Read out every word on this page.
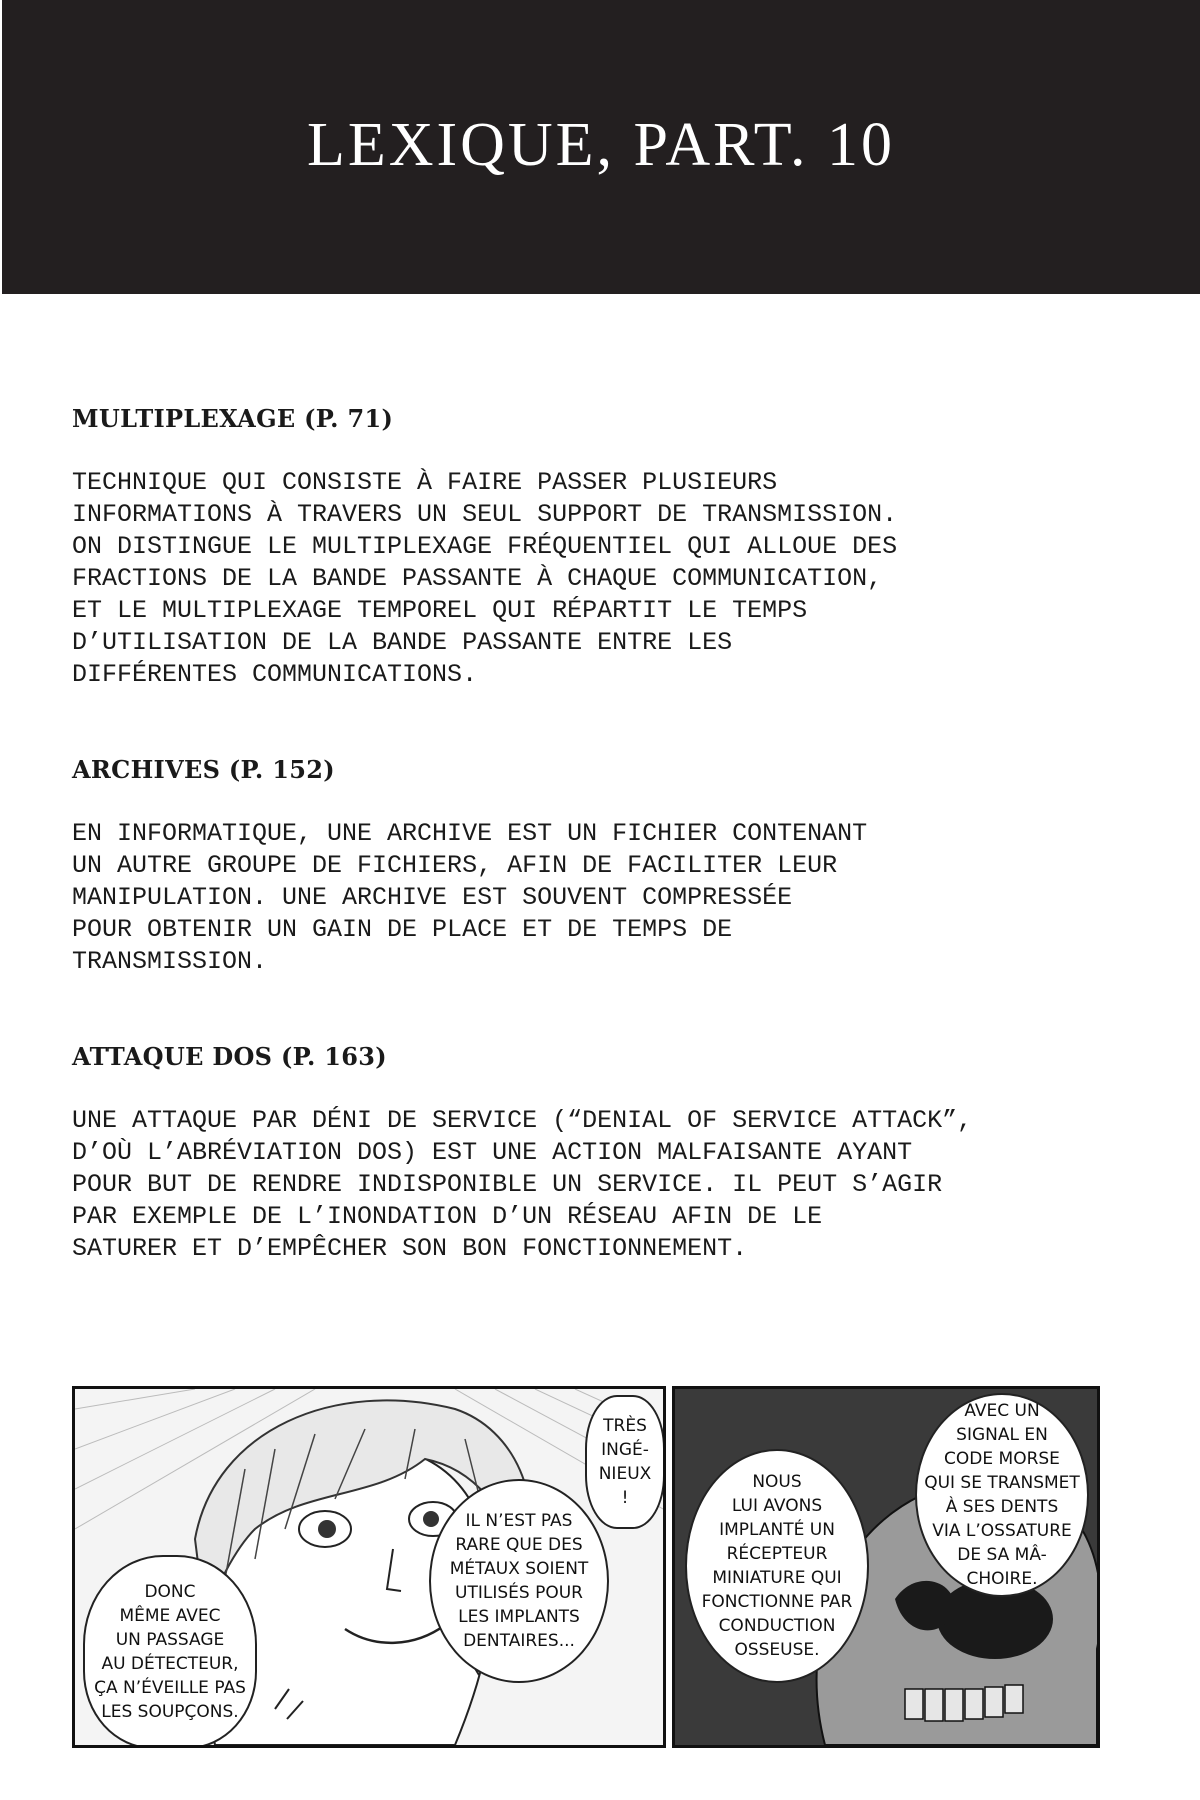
LEXIQUE, PART. 10
MULTIPLEXAGE (P. 71)

TECHNIQUE QUI CONSISTE À FAIRE PASSER PLUSIEURS
INFORMATIONS À TRAVERS UN SEUL SUPPORT DE TRANSMISSION.
ON DISTINGUE LE MULTIPLEXAGE FRÉQUENTIEL QUI ALLOUE DES
FRACTIONS DE LA BANDE PASSANTE À CHAQUE COMMUNICATION,
ET LE MULTIPLEXAGE TEMPOREL QUI RÉPARTIT LE TEMPS
D’UTILISATION DE LA BANDE PASSANTE ENTRE LES
DIFFÉRENTES COMMUNICATIONS.

ARCHIVES (P. 152)

EN INFORMATIQUE, UNE ARCHIVE EST UN FICHIER CONTENANT
UN AUTRE GROUPE DE FICHIERS, AFIN DE FACILITER LEUR
MANIPULATION. UNE ARCHIVE EST SOUVENT COMPRESSÉE
POUR OBTENIR UN GAIN DE PLACE ET DE TEMPS DE
TRANSMISSION.

ATTAQUE DOS (P. 163)

UNE ATTAQUE PAR DÉNI DE SERVICE (“DENIAL OF SERVICE ATTACK”,
D’OÙ L’ABRÉVIATION DOS) EST UNE ACTION MALFAISANTE AYANT
POUR BUT DE RENDRE INDISPONIBLE UN SERVICE. IL PEUT S’AGIR
PAR EXEMPLE DE L’INONDATION D’UN RÉSEAU AFIN DE LE
SATURER ET D’EMPÊCHER SON BON FONCTIONNEMENT.

DONC
MÊME AVEC
UN PASSAGE
AU DÉTECTEUR,
ÇA N’ÉVEILLE PAS
LES SOUPÇONS.
IL N’EST PAS
RARE QUE DES
MÉTAUX SOIENT
UTILISÉS POUR
LES IMPLANTS
DENTAIRES...
TRÈS
INGÉ-
NIEUX
!
NOUS
LUI AVONS
IMPLANTÉ UN
RÉCEPTEUR
MINIATURE QUI
FONCTIONNE PAR
CONDUCTION
OSSEUSE.
AVEC UN
SIGNAL EN
CODE MORSE
QUI SE TRANSMET
À SES DENTS
VIA L’OSSATURE
DE SA MÂ-
CHOIRE.
